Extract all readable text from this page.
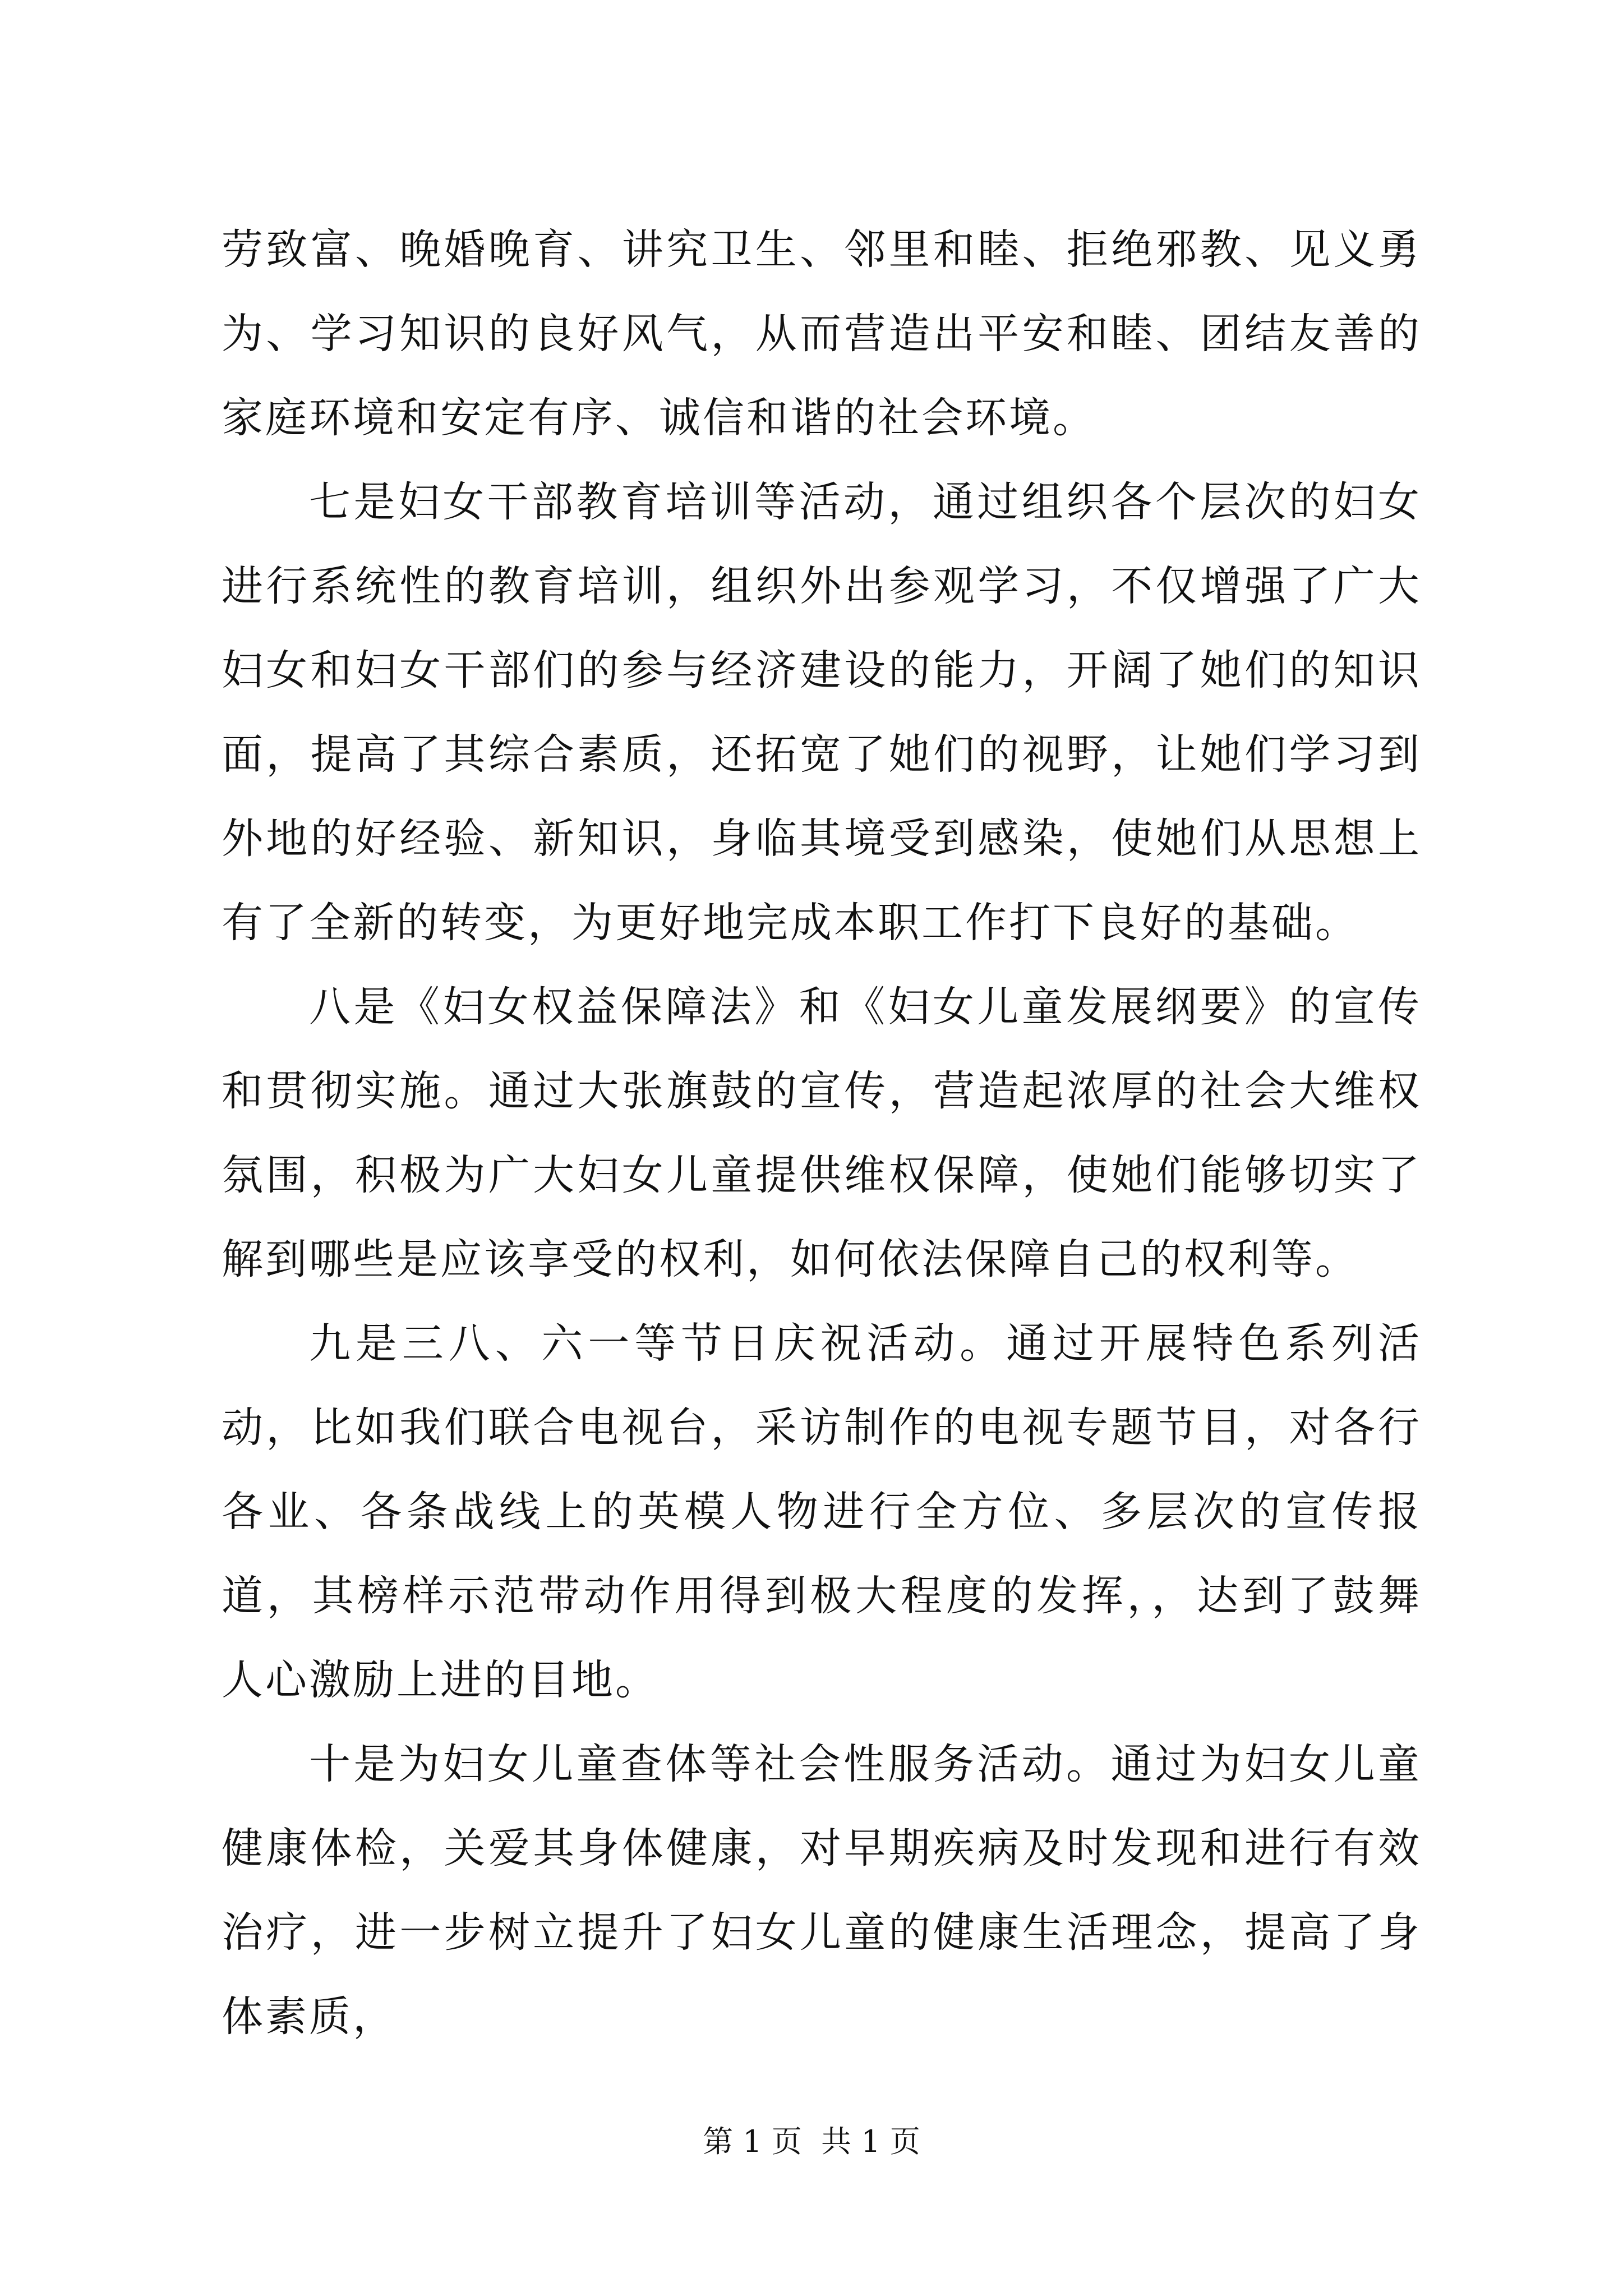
劳致富、晚婚晚育、讲究卫生、邻里和睦、拒绝邪教、见义勇为、学习知识的良好风气，从而营造出平安和睦、团结友善的家庭环境和安定有序、诚信和谐的社会环境。

七是妇女干部教育培训等活动，通过组织各个层次的妇女进行系统性的教育培训，组织外出参观学习，不仅增强了广大妇女和妇女干部们的参与经济建设的能力，开阔了她们的知识面，提高了其综合素质，还拓宽了她们的视野，让她们学习到外地的好经验、新知识，身临其境受到感染，使她们从思想上有了全新的转变，为更好地完成本职工作打下良好的基础。

八是《妇女权益保障法》和《妇女儿童发展纲要》的宣传和贯彻实施。通过大张旗鼓的宣传，营造起浓厚的社会大维权氛围，积极为广大妇女儿童提供维权保障，使她们能够切实了解到哪些是应该享受的权利，如何依法保障自己的权利等。

九是三八、六一等节日庆祝活动。通过开展特色系列活动，比如我们联合电视台，采访制作的电视专题节目，对各行各业、各条战线上的英模人物进行全方位、多层次的宣传报道，其榜样示范带动作用得到极大程度的发挥，，达到了鼓舞人心激励上进的目地。

十是为妇女儿童查体等社会性服务活动。通过为妇女儿童健康体检，关爱其身体健康，对早期疾病及时发现和进行有效治疗，进一步树立提升了妇女儿童的健康生活理念，提高了身体素质，

第 1 页  共 1 页
